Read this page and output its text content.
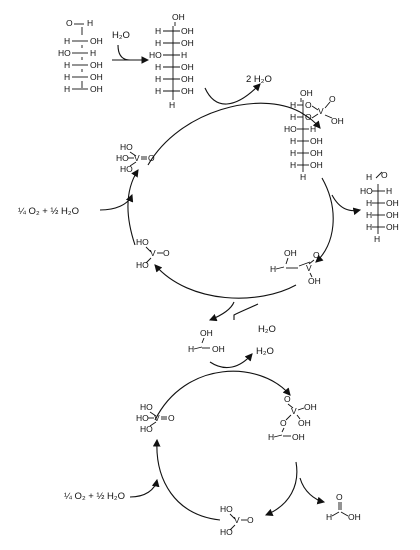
O H
H OH
HO H
H OH
H OH
H OH
H₂O
OH
H OH
H OH
HO H
H OH
H OH
H OH
H
2 H₂O
¼ O₂ + ½ H₂O
HO
HO V O
HO
OH
H O
H O
V
O
OH
HO H
H OH
H OH
H OH
H	O
H
HO H
H OH
H OH
H OH
H
HO
V O
HO
OH
H
O
V
OH
H₂O
OH
H OH	H₂O
¼ O₂ + ½ H₂O
HO
HO V O
HO
O
V OH
OH
O
H OH
O
H OH
HO
V O
HO
